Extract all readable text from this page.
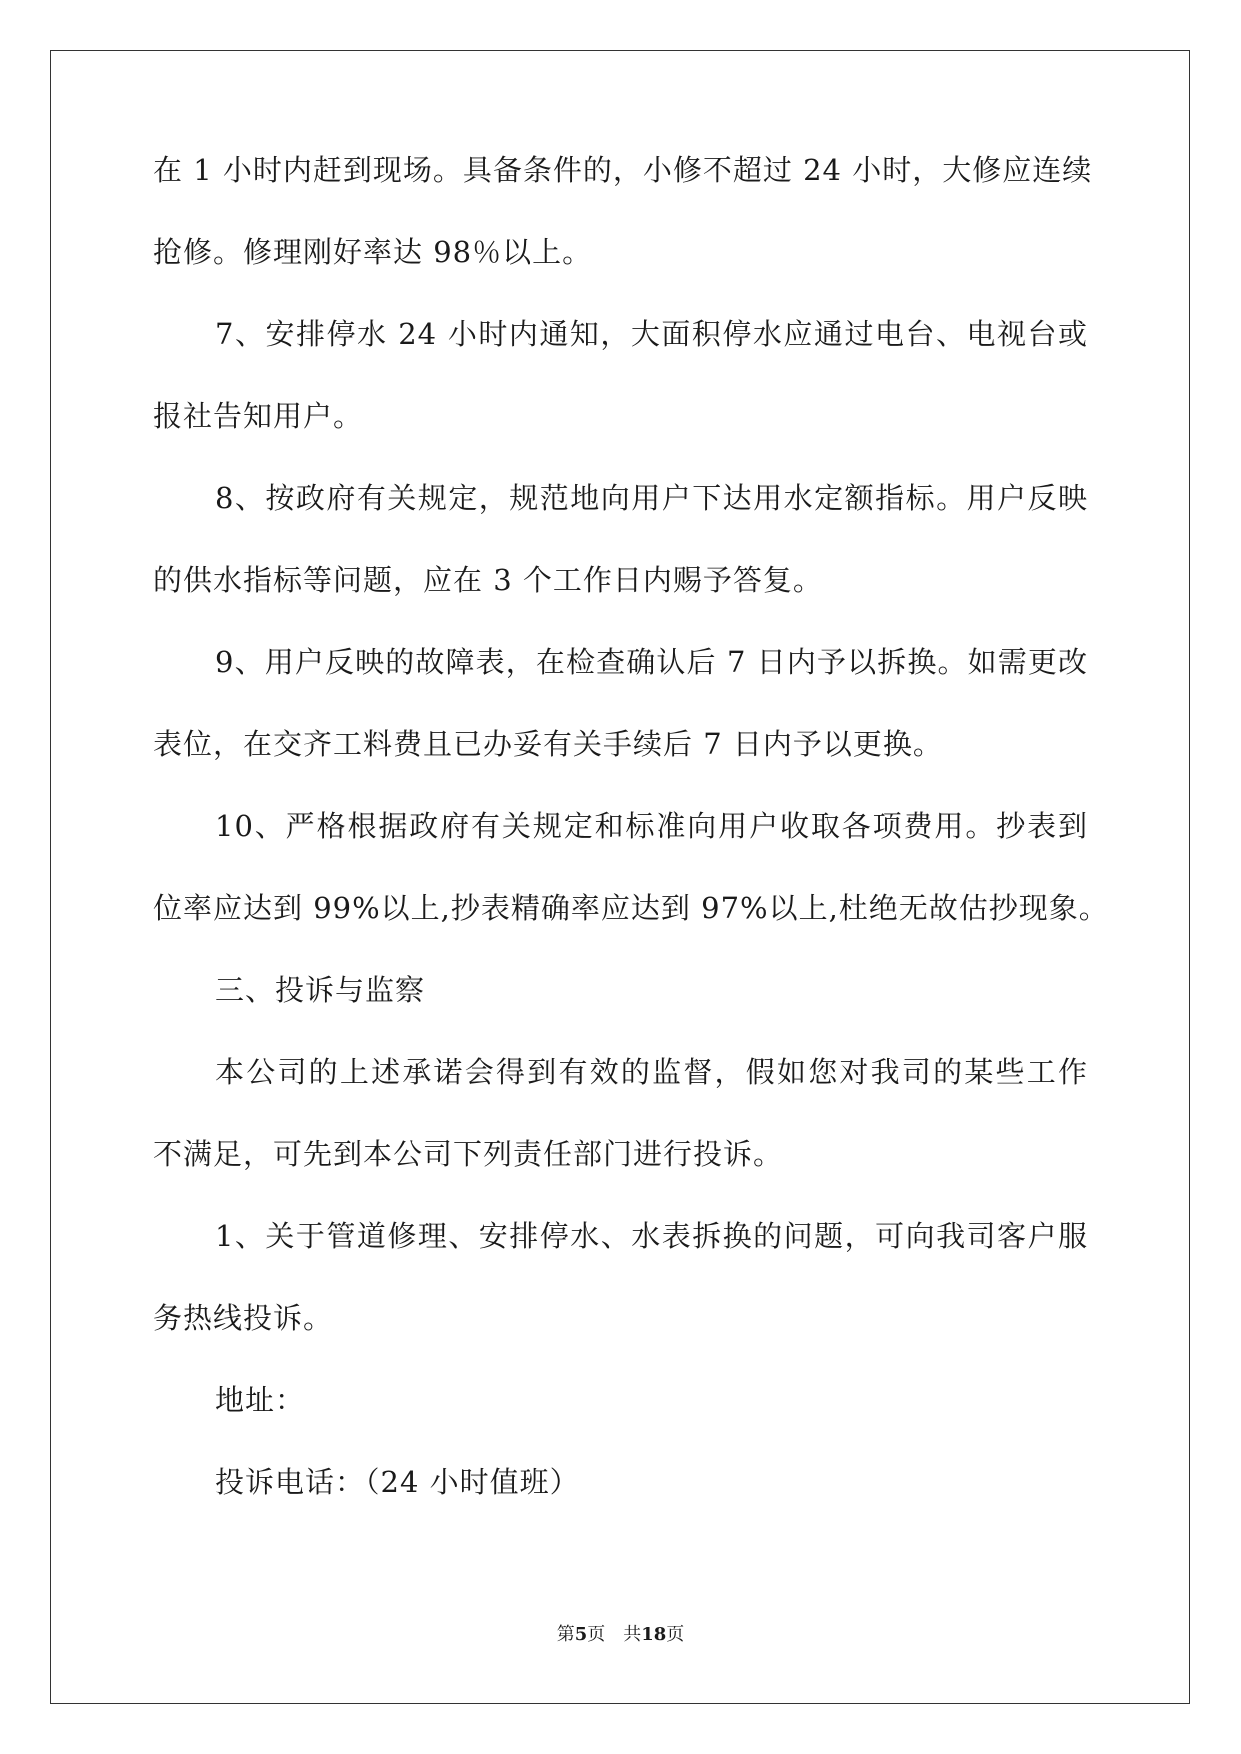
在 1 小时内赶到现场。具备条件的，小修不超过 24 小时，大修应连续
抢修。修理刚好率达 98％以上。
7、安排停水 24 小时内通知，大面积停水应通过电台、电视台或
报社告知用户。
8、按政府有关规定，规范地向用户下达用水定额指标。用户反映
的供水指标等问题，应在 3 个工作日内赐予答复。
9、用户反映的故障表，在检查确认后 7 日内予以拆换。如需更改
表位，在交齐工料费且已办妥有关手续后 7 日内予以更换。
10、严格根据政府有关规定和标准向用户收取各项费用。抄表到
位率应达到 99%以上,抄表精确率应达到 97%以上,杜绝无故估抄现象。
三、投诉与监察
本公司的上述承诺会得到有效的监督，假如您对我司的某些工作
不满足，可先到本公司下列责任部门进行投诉。
1、关于管道修理、安排停水、水表拆换的问题，可向我司客户服
务热线投诉。
地址：
投诉电话：（24 小时值班）
第5页　共18页
